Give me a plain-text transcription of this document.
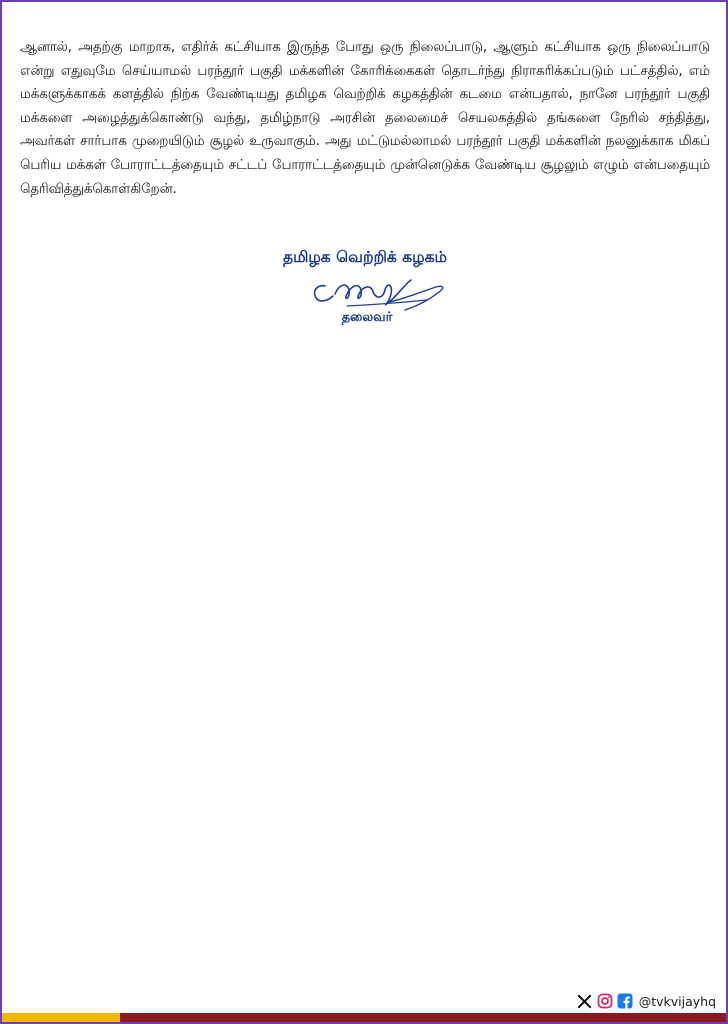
ஆனால், அதற்கு மாறாக, எதிர்க் கட்சியாக இருந்த போது ஒரு நிலைப்பாடு, ஆளும் கட்சியாக ஒரு நிலைப்பாடு என்று எதுவுமே செய்யாமல் பரந்தூர் பகுதி மக்களின் கோரிக்கைகள் தொடர்ந்து நிராகரிக்கப்படும் பட்சத்தில், எம் மக்களுக்காகக் களத்தில் நிற்க வேண்டியது தமிழக வெற்றிக் கழகத்தின் கடமை என்பதால், நானே பரந்தூர் பகுதி மக்களை அழைத்துக்கொண்டு வந்து, தமிழ்நாடு அரசின் தலைமைச் செயலகத்தில் தங்களை நேரில் சந்தித்து, அவர்கள் சார்பாக முறையிடும் சூழல் உருவாகும். அது மட்டுமல்லாமல் பரந்தூர் பகுதி மக்களின் நலனுக்காக மிகப் பெரிய மக்கள் போராட்டத்தையும் சட்டப் போராட்டத்தையும் முன்னெடுக்க வேண்டிய சூழலும் எழும் என்பதையும் தெரிவித்துக்கொள்கிறேன்.

தமிழக வெற்றிக் கழகம்
தலைவர்
@tvkvijayhq
